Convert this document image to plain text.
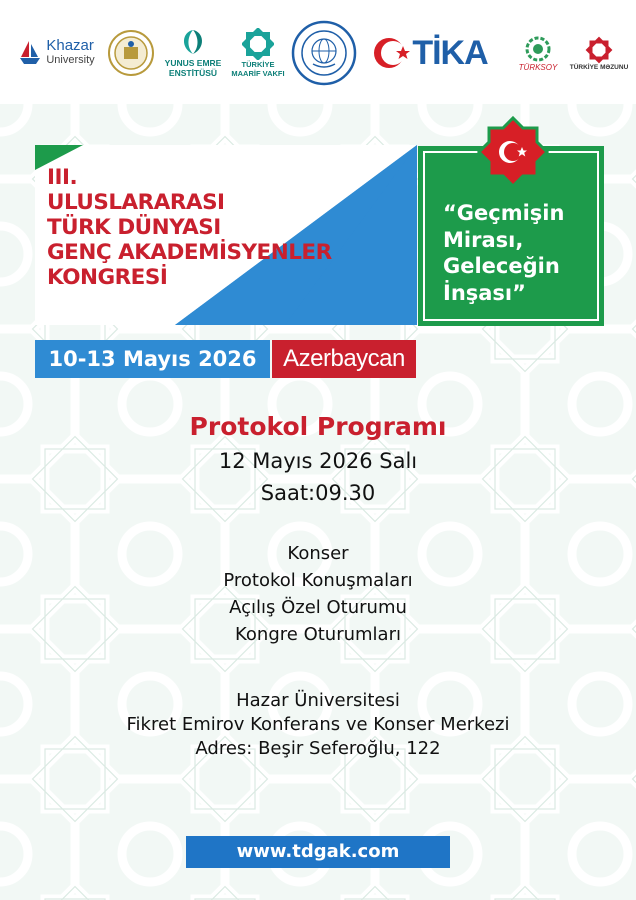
Khazar
University	YUNUS EMRE
ENSTİTÜSÜ
TÜRKİYE
MAARİF VAKFI
TİKA	TÜRKSOY TÜRKİYE MƏZUNU
III.
ULUSLARARASI
TÜRK DÜNYASI
GENÇ AKADEMİSYENLER
KONGRESİ
“Geçmişin
Mirası,
Geleceğin
İnşası”
10-13 Mayıs 2026	Azerbaycan
Protokol Programı
12 Mayıs 2026 Salı
Saat:09.30
Konser
Protokol Konuşmaları
Açılış Özel Oturumu
Kongre Oturumları
Hazar Üniversitesi
Fikret Emirov Konferans ve Konser Merkezi
Adres: Beşir Seferoğlu, 122
www.tdgak.com
